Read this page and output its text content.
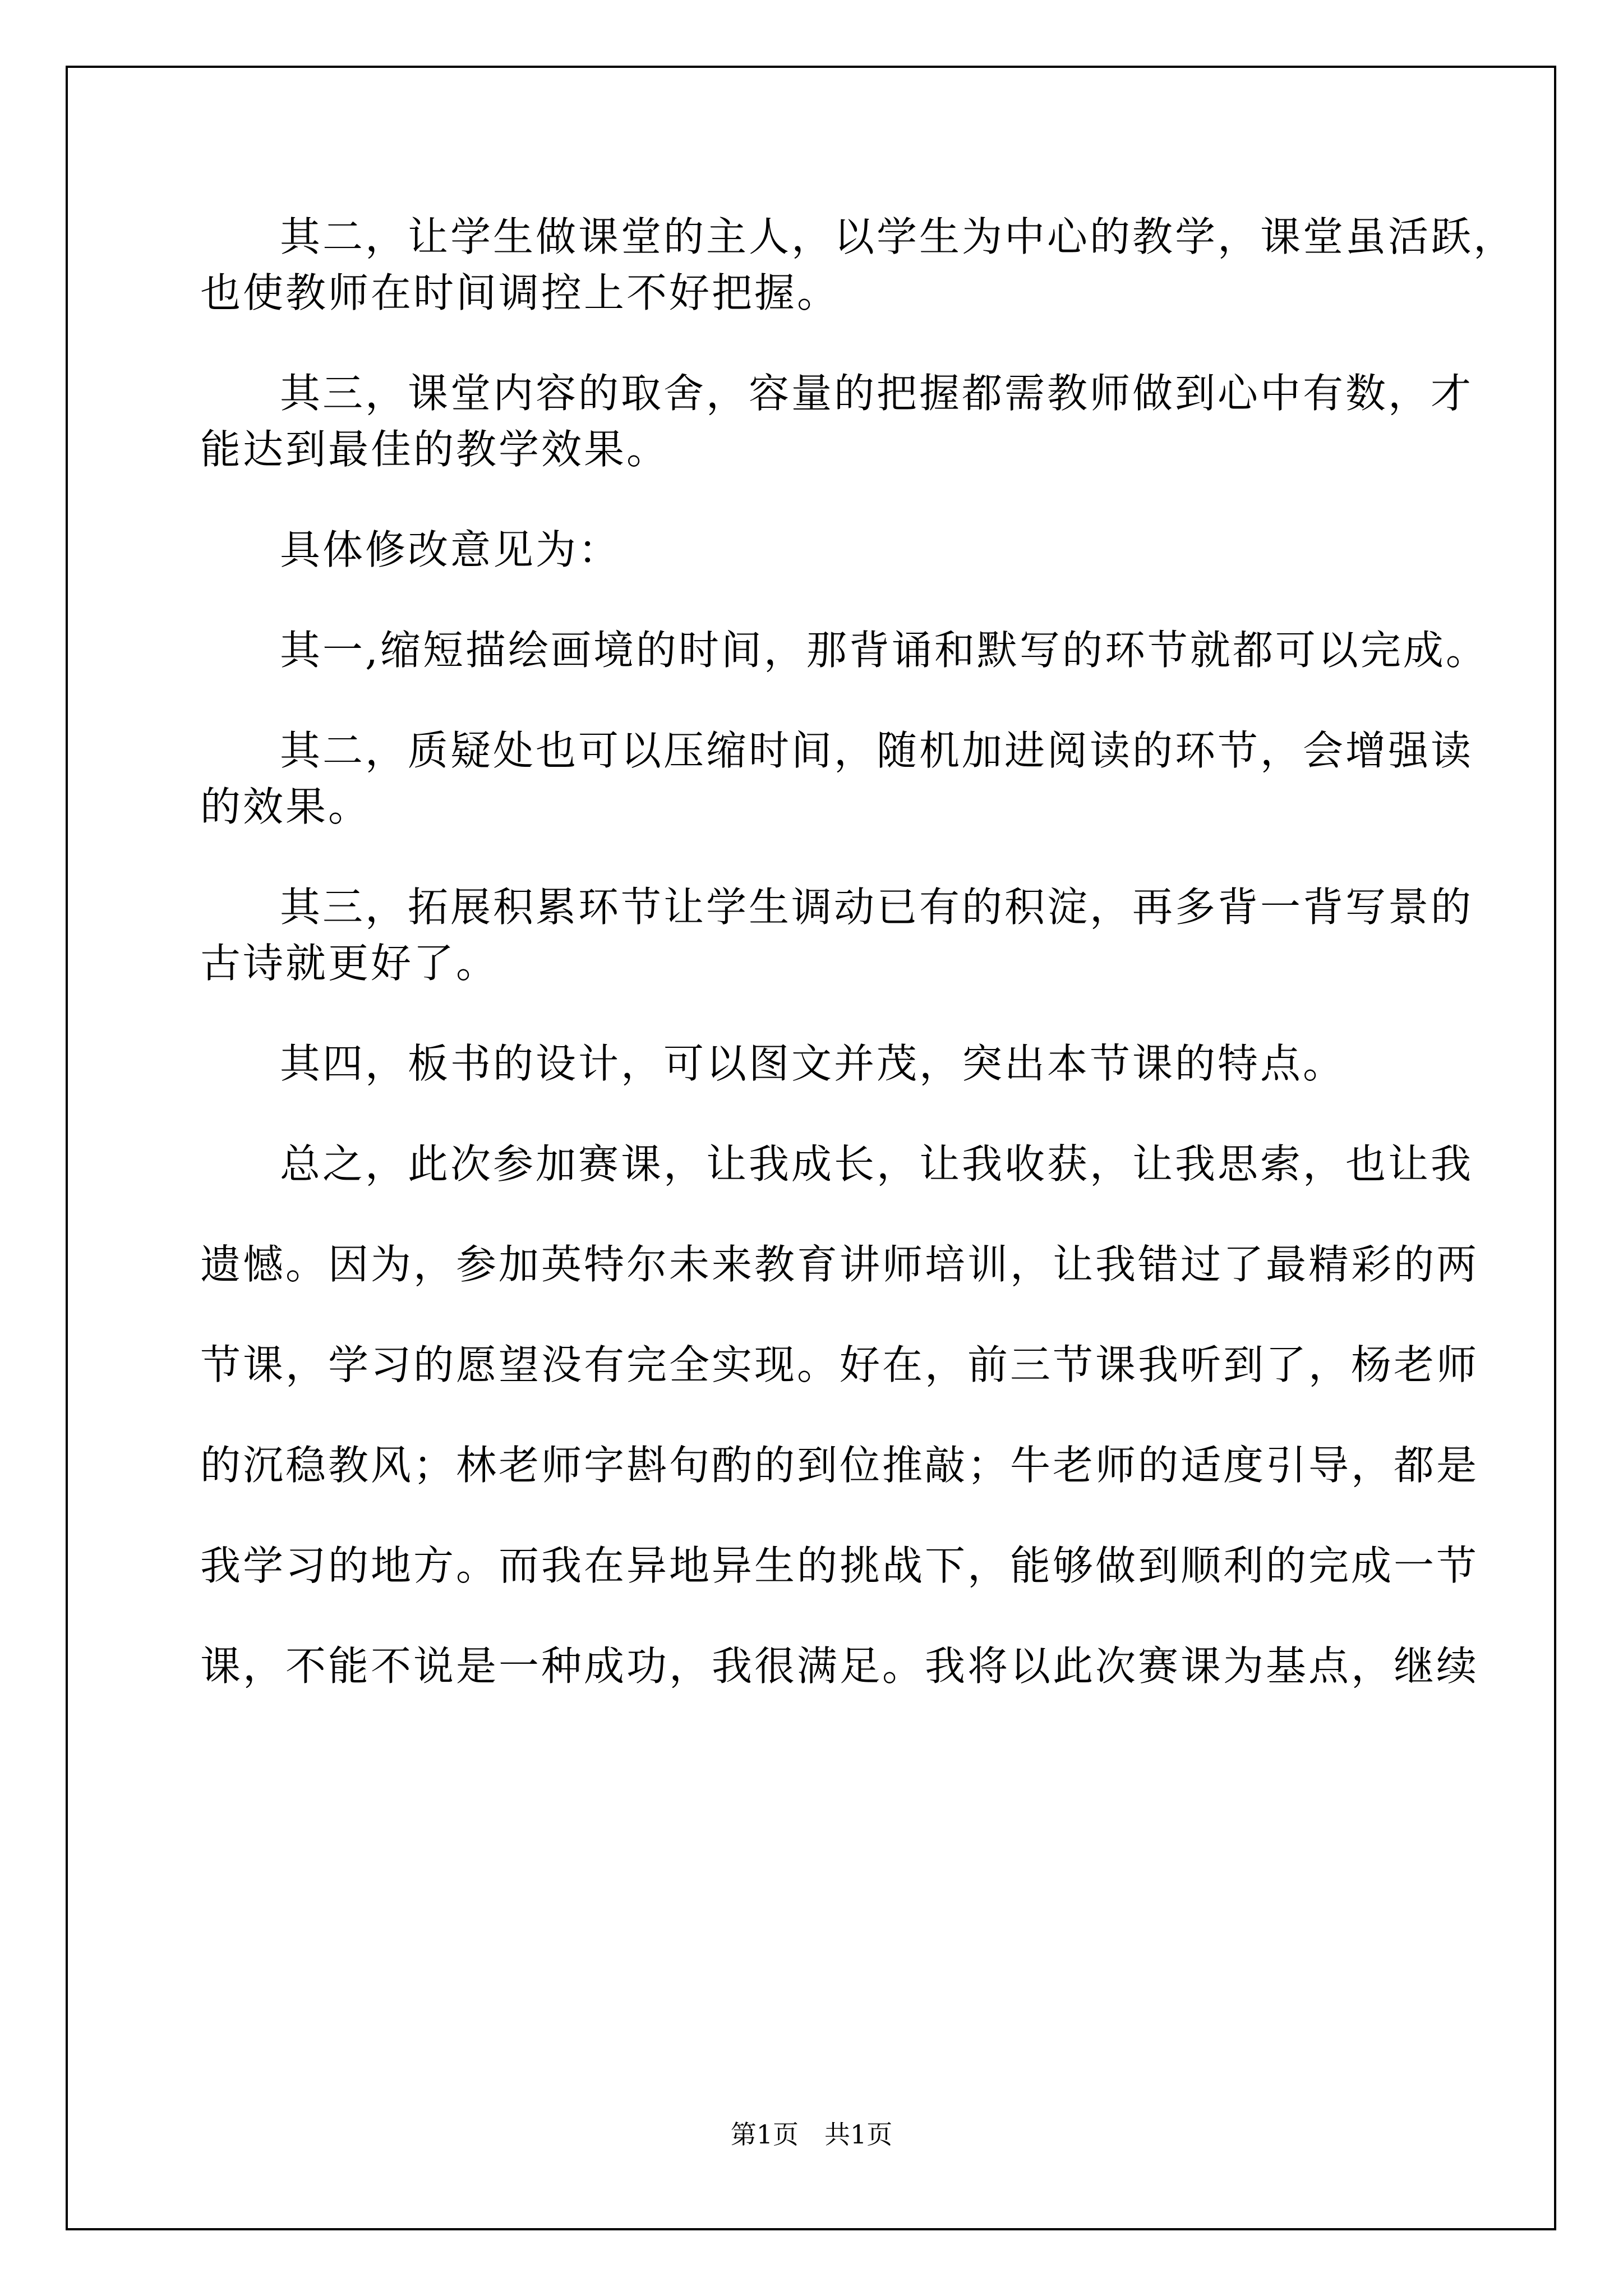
其二，让学生做课堂的主人，以学生为中心的教学，课堂虽活跃，

也使教师在时间调控上不好把握。

其三，课堂内容的取舍，容量的把握都需教师做到心中有数，才

能达到最佳的教学效果。

具体修改意见为：

其一,缩短描绘画境的时间，那背诵和默写的环节就都可以完成。

其二，质疑处也可以压缩时间，随机加进阅读的环节，会增强读

的效果。

其三，拓展积累环节让学生调动已有的积淀，再多背一背写景的

古诗就更好了。

其四，板书的设计，可以图文并茂，突出本节课的特点。

总之，此次参加赛课，让我成长，让我收获，让我思索，也让我

遗憾。因为，参加英特尔未来教育讲师培训，让我错过了最精彩的两

节课，学习的愿望没有完全实现。好在，前三节课我听到了，杨老师

的沉稳教风；林老师字斟句酌的到位推敲；牛老师的适度引导，都是

我学习的地方。而我在异地异生的挑战下，能够做到顺利的完成一节

课，不能不说是一种成功，我很满足。我将以此次赛课为基点，继续

第1页　共1页
